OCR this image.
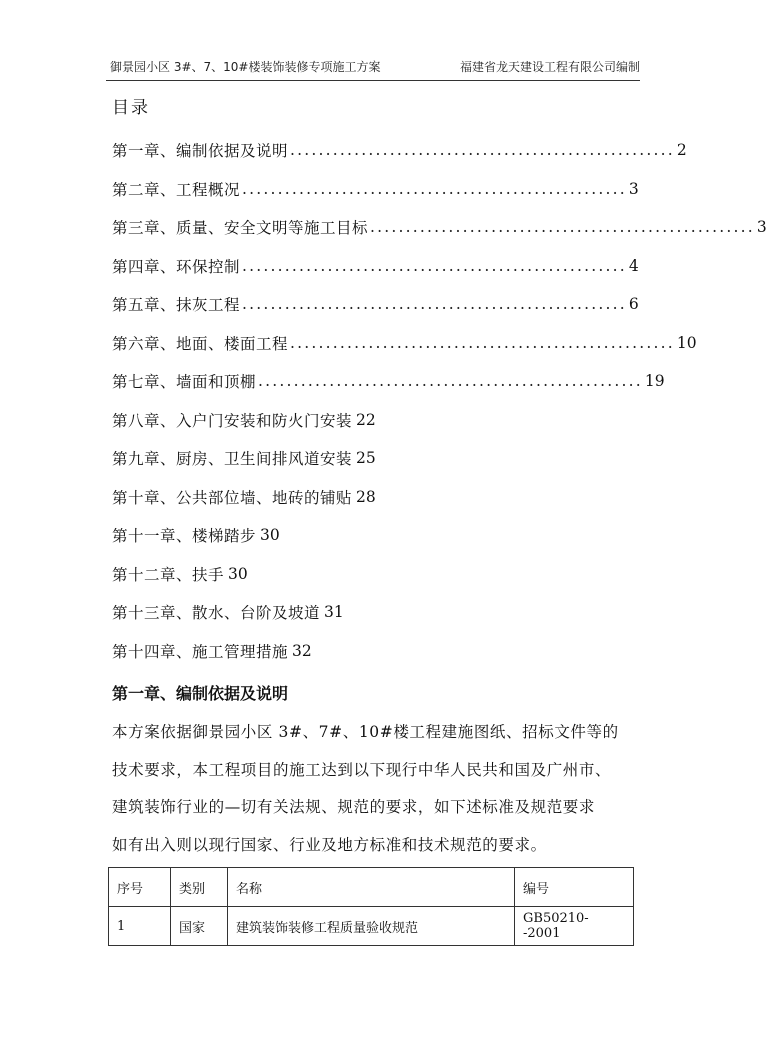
御景园小区 3#、7、10#楼装饰装修专项施工方案	福建省龙天建设工程有限公司编制
目录
第一章、编制依据及说明 ...................................................... 2
第二章、工程概况 ...................................................... 3
第三章、质量、安全文明等施工目标 ...................................................... 3
第四章、环保控制 ...................................................... 4
第五章、抹灰工程 ...................................................... 6
第六章、地面、楼面工程 ...................................................... 10
第七章、墙面和顶棚 ...................................................... 19
第八章、入户门安装和防火门安装 22
第九章、厨房、卫生间排风道安装 25
第十章、公共部位墙、地砖的铺贴 28
第十一章、楼梯踏步 30
第十二章、扶手 30
第十三章、散水、台阶及坡道 31
第十四章、施工管理措施 32
第一章、编制依据及说明
本方案依据御景园小区 3#、7#、10#楼工程建施图纸、招标文件等的
技术要求，本工程项目的施工达到以下现行中华人民共和国及广州市、
建筑装饰行业的—切有关法规、规范的要求，如下述标准及规范要求
如有出入则以现行国家、行业及地方标准和技术规范的要求。
序号	类别	名称	编号
1	国家	建筑装饰装修工程质量验收规范	GB50210--2001
